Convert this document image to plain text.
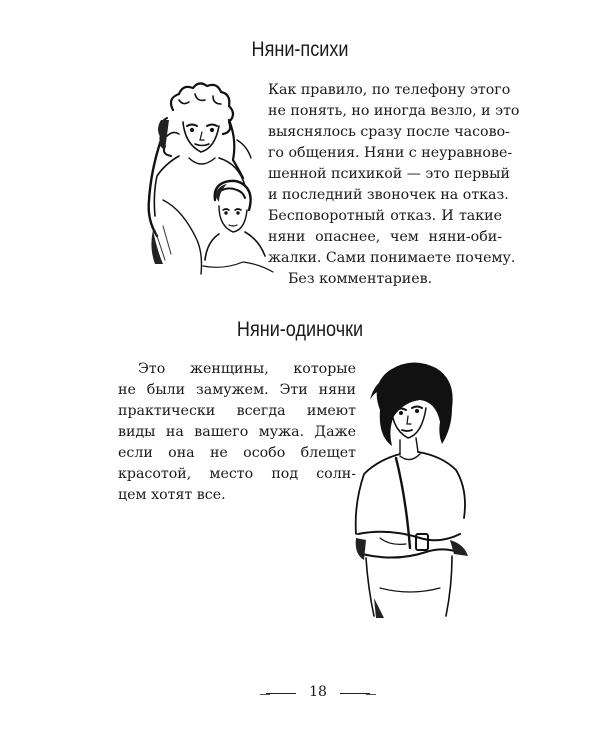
Няни-психи
Как правило, по телефону этого
не понять, но иногда везло, и это
выяснялось сразу после часово-
го общения. Няни с неуравнове-
шенной психикой — это первый
и последний звоночек на отказ.
Бесповоротный отказ. И такие
няни опаснее, чем няни-оби-
жалки. Сами понимаете почему.
Без комментариев.
Няни-одиночки
Это женщины, которые
не были замужем. Эти няни
практически всегда имеют
виды на вашего мужа. Даже
если она не особо блещет
красотой, место под солн-
цем хотят все.
18
